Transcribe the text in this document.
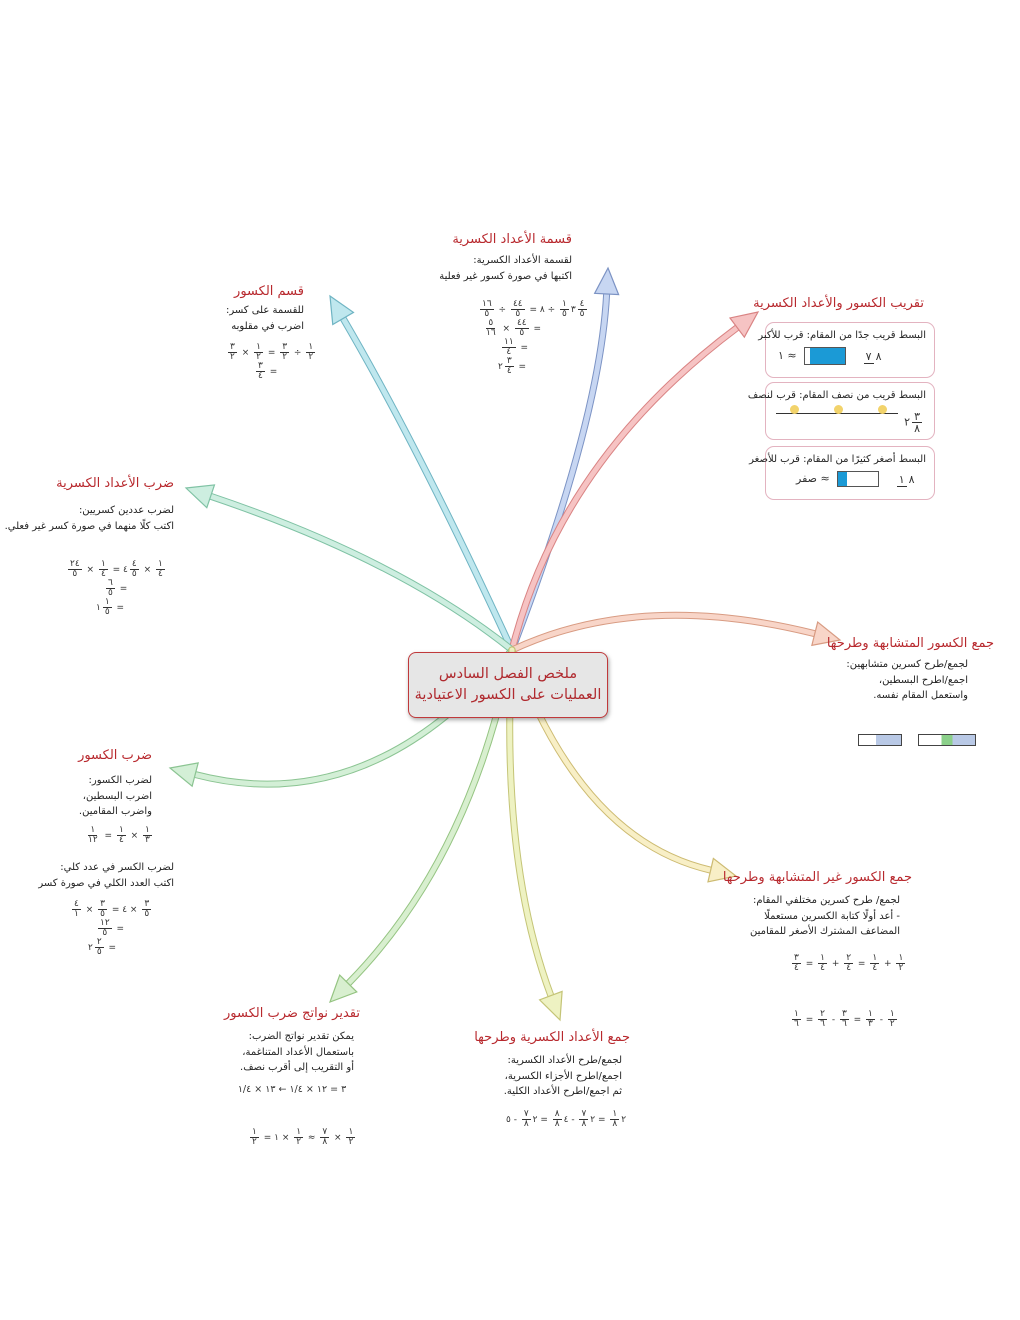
ملخص الفصل السادس
العمليات على الكسور الاعتيادية
قسمة الأعداد الكسرية
لقسمة الأعداد الكسرية:
اكتبها في صورة كسور غير فعلية
١٦
٥ ÷
٤٤
٥ = ٣
١
٥
÷ ٨
٤
٥

٥
١٦ ×
٤٤
٥ =

١١
٤ =
٢
٣
٤ =
قسم الكسور
للقسمة على كسر:
اضرب في مقلوبه
٣
٢ ×
١
٢ =
٣
٢ ÷
١
٢

٣
٤ =
تقريب الكسور والأعداد الكسرية
البسط قريب جدًا من المقام: قرب للأكبر
١ ≈	٧ ٨
البسط قريب من نصف المقام: قرب لنصف
٢ ٣
٨
البسط أصغر كثيرًا من المقام: قرب للأصغر
صفر ≈	١ ٨
ضرب الأعداد الكسرية
لضرب عددين كسريين:
اكتب كلًا منهما في صورة كسر غير فعلي.
٢٤
٥ ×
١
٤ = ٤
٤
٥ ×
١
٤

٦
٥ =
١
١
٥ =
جمع الكسور المتشابهة وطرحها
لجمع/طرح كسرين متشابهين:
اجمع/اطرح البسطين،
واستعمل المقام نفسه.
ضرب الكسور
لضرب الكسور:
اضرب البسطين،
واضرب المقامين.
١
١٢ =
١
٤ ×
١
٣
لضرب الكسر في عدد كلي:
اكتب العدد الكلي في صورة كسر
٤
١ ×
٣
٥ = ٤ ×
٣
٥

١٢
٥ =
٢
٢
٥ =
جمع الكسور غير المتشابهة وطرحها
لجمع/ طرح كسرين مختلفي المقام:
- أعد أولًا كتابة الكسرين مستعملًا
المضاعف المشترك الأصغر للمقامين
٣
٤ =
١
٤ +
٢
٤ =
١
٤ +
١
٢
١
٦ =
٢
٦ -
٣
٦ =
١
٣ -
١
٢
تقدير نواتج ضرب الكسور
يمكن تقدير نواتج الضرب:
باستعمال الأعداد المتناغمة،
أو التقريب إلى أقرب نصف.
٣ = ١٢ × ١/٤ ← ١٣ × ١/٤
١
٢ = ١ ×
١
٢ ≈
٧
٨ ×
١
٢
جمع الأعداد الكسرية وطرحها
لجمع/طرح الأعداد الكسرية:
اجمع/اطرح الأجزاء الكسرية،
ثم اجمع/اطرح الأعداد الكلية.
٢
١
٨
= ٢
٧
٨
- ٤
٨
٨
= ٢
٧
٨
- ٥
